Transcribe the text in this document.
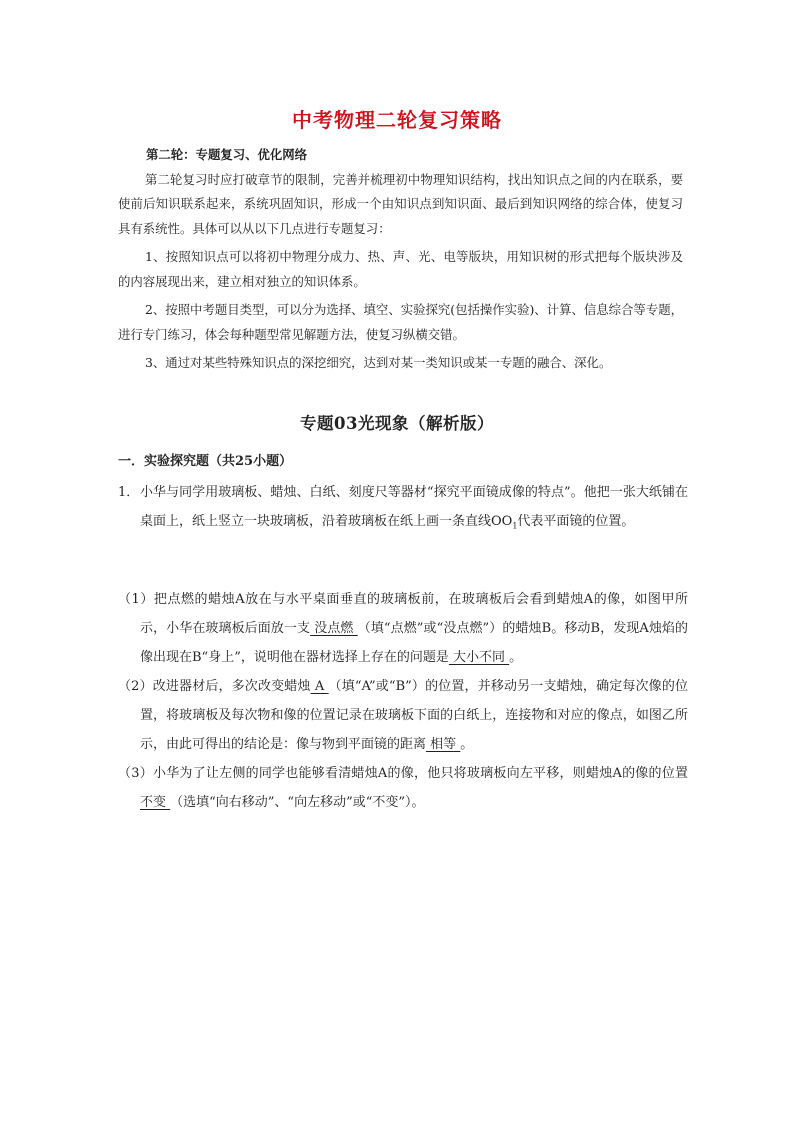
中考物理二轮复习策略
第二轮：专题复习、优化网络

第二轮复习时应打破章节的限制，完善并梳理初中物理知识结构，找出知识点之间的内在联系，要使前后知识联系起来，系统巩固知识，形成一个由知识点到知识面、最后到知识网络的综合体，使复习具有系统性。具体可以从以下几点进行专题复习：

1、按照知识点可以将初中物理分成力、热、声、光、电等版块，用知识树的形式把每个版块涉及的内容展现出来，建立相对独立的知识体系。

2、按照中考题目类型，可以分为选择、填空、实验探究(包括操作实验)、计算、信息综合等专题，进行专门练习，体会每种题型常见解题方法，使复习纵横交错。

3、通过对某些特殊知识点的深挖细究，达到对某一类知识或某一专题的融合、深化。

专题03光现象（解析版）
一．实验探究题（共25小题）
1． 小华与同学用玻璃板、蜡烛、白纸、刻度尺等器材“探究平面镜成像的特点”。他把一张大纸铺在桌面上，纸上竖立一块玻璃板，沿着玻璃板在纸上画一条直线$OO_1$代表平面镜的位置。
（1）把点燃的蜡烛A放在与水平桌面垂直的玻璃板前，在玻璃板后会看到蜡烛A的像，如图甲所示，小华在玻璃板后面放一支 没点燃 （填“点燃”或“没点燃”）的蜡烛B。移动B，发现A烛焰的像出现在B“身上”，说明他在器材选择上存在的问题是 大小不同 。
（2）改进器材后，多次改变蜡烛 A （填“A”或“B”）的位置，并移动另一支蜡烛，确定每次像的位置，将玻璃板及每次物和像的位置记录在玻璃板下面的白纸上，连接物和对应的像点，如图乙所示，由此可得出的结论是：像与物到平面镜的距离 相等 。
（3）小华为了让左侧的同学也能够看清蜡烛A的像，他只将玻璃板向左平移，则蜡烛A的像的位置 不变 （选填“向右移动”、“向左移动”或“不变”）。
